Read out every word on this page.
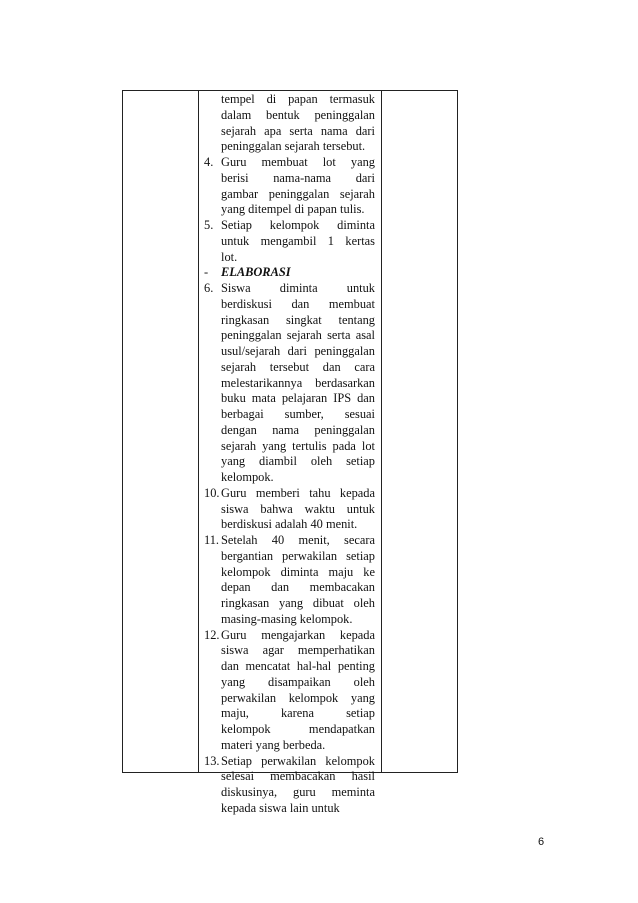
tempel di papan termasuk
dalam bentuk peninggalan
sejarah apa serta nama dari
peninggalan sejarah tersebut.
4. Guru membuat lot yang
berisi nama-nama dari
gambar peninggalan sejarah
yang ditempel di papan tulis.
5. Setiap kelompok diminta
untuk mengambil 1 kertas
lot.
- ELABORASI
6. Siswa diminta untuk
berdiskusi dan membuat
ringkasan singkat tentang
peninggalan sejarah serta asal
usul/sejarah dari peninggalan
sejarah tersebut dan cara
melestarikannya berdasarkan
buku mata pelajaran IPS dan
berbagai sumber, sesuai
dengan nama peninggalan
sejarah yang tertulis pada lot
yang diambil oleh setiap
kelompok.
10. Guru memberi tahu kepada
siswa bahwa waktu untuk
berdiskusi adalah 40 menit.
11. Setelah 40 menit, secara
bergantian perwakilan setiap
kelompok diminta maju ke
depan dan membacakan
ringkasan yang dibuat oleh
masing-masing kelompok.
12. Guru mengajarkan kepada
siswa agar memperhatikan
dan mencatat hal-hal penting
yang disampaikan oleh
perwakilan kelompok yang
maju, karena setiap
kelompok mendapatkan
materi yang berbeda.
13. Setiap perwakilan kelompok
selesai membacakan hasil
diskusinya, guru meminta
kepada siswa lain untuk
6
